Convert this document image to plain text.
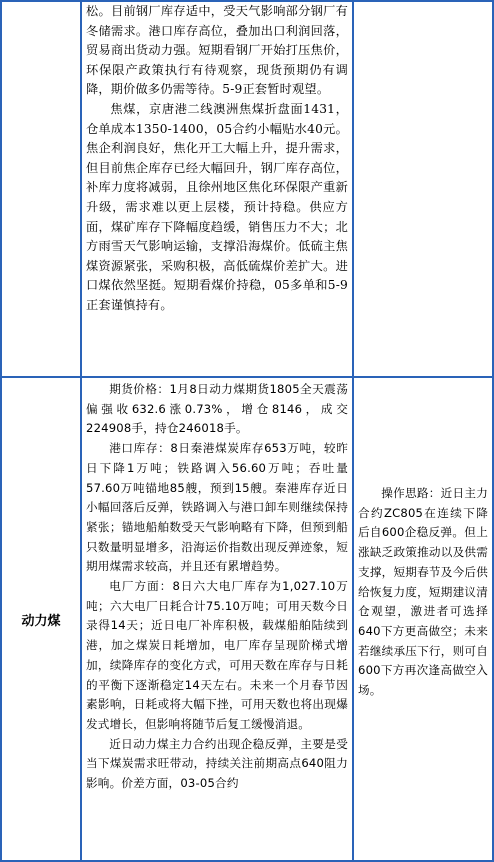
松。目前钢厂库存适中，受天气影响部分钢厂有冬储需求。港口库存高位，叠加出口利润回落，贸易商出货动力强。短期看钢厂开始打压焦价，环保限产政策执行有待观察，现货预期仍有调降，期价做多仍需等待。5-9正套暂时观望。

焦煤，京唐港二线澳洲焦煤折盘面1431，仓单成本1350-1400，05合约小幅贴水40元。焦企利润良好，焦化开工大幅上升，提升需求，但目前焦企库存已经大幅回升，钢厂库存高位，补库力度将减弱，且徐州地区焦化环保限产重新升级，需求难以更上层楼，预计持稳。供应方面，煤矿库存下降幅度趋缓，销售压力不大；北方雨雪天气影响运输，支撑沿海煤价。低硫主焦煤资源紧张，采购积极，高低硫煤价差扩大。进口煤依然坚挺。短期看煤价持稳，05多单和5-9正套谨慎持有。

动力煤

期货价格：1月8日动力煤期货1805全天震荡偏强收632.6涨0.73%，增仓8146，成交224908手，持仓246018手。

港口库存：8日秦港煤炭库存653万吨，较昨日下降1万吨；铁路调入56.60万吨；吞吐量57.60万吨锚地85艘，预到15艘。秦港库存近日小幅回落后反弹，铁路调入与港口卸车则继续保持紧张；锚地船舶数受天气影响略有下降，但预到船只数量明显增多，沿海运价指数出现反弹迹象，短期用煤需求较高，并且还有累增趋势。

电厂方面：8日六大电厂库存为1,027.10万吨；六大电厂日耗合计75.10万吨；可用天数今日录得14天；近日电厂补库积极，载煤船舶陆续到港，加之煤炭日耗增加，电厂库存呈现阶梯式增加，续降库存的变化方式，可用天数在库存与日耗的平衡下逐渐稳定14天左右。未来一个月春节因素影响，日耗或将大幅下挫，可用天数也将出现爆发式增长，但影响将随节后复工缓慢消退。

近日动力煤主力合约出现企稳反弹，主要是受当下煤炭需求旺带动，持续关注前期高点640阻力影响。价差方面，03-05合约

操作思路：近日主力合约ZC805在连续下降后自600企稳反弹。但上涨缺乏政策推动以及供需支撑，短期春节及今后供给恢复力度，短期建议清仓观望，激进者可选择640下方更高做空；未来若继续承压下行，则可自600下方再次逢高做空入场。
